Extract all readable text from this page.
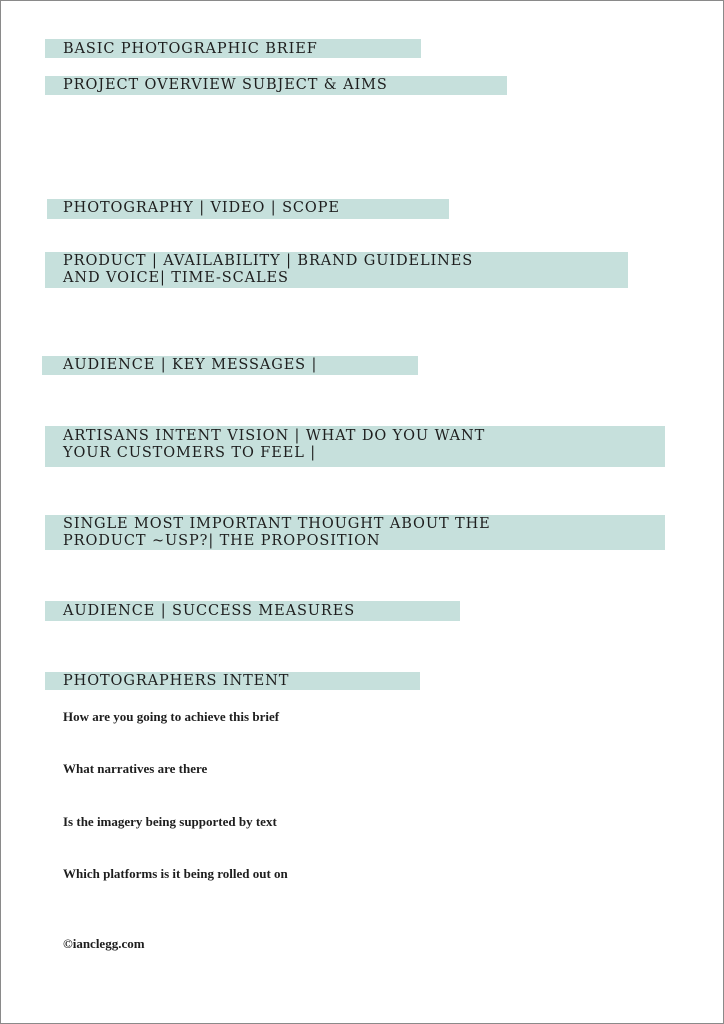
BASIC PHOTOGRAPHIC BRIEF
PROJECT OVERVIEW SUBJECT & AIMS
PHOTOGRAPHY | VIDEO | SCOPE
PRODUCT | AVAILABILITY | BRAND GUIDELINES
AND VOICE| TIME-SCALES
AUDIENCE | KEY MESSAGES |
ARTISANS INTENT VISION | WHAT DO YOU WANT
YOUR CUSTOMERS TO FEEL |
SINGLE MOST IMPORTANT THOUGHT ABOUT THE
PRODUCT ~USP?| THE PROPOSITION
AUDIENCE | SUCCESS MEASURES
PHOTOGRAPHERS INTENT

How are you going to achieve this brief

What narratives are there

Is the imagery being supported by text

Which platforms is it being rolled out on

©ianclegg.com
